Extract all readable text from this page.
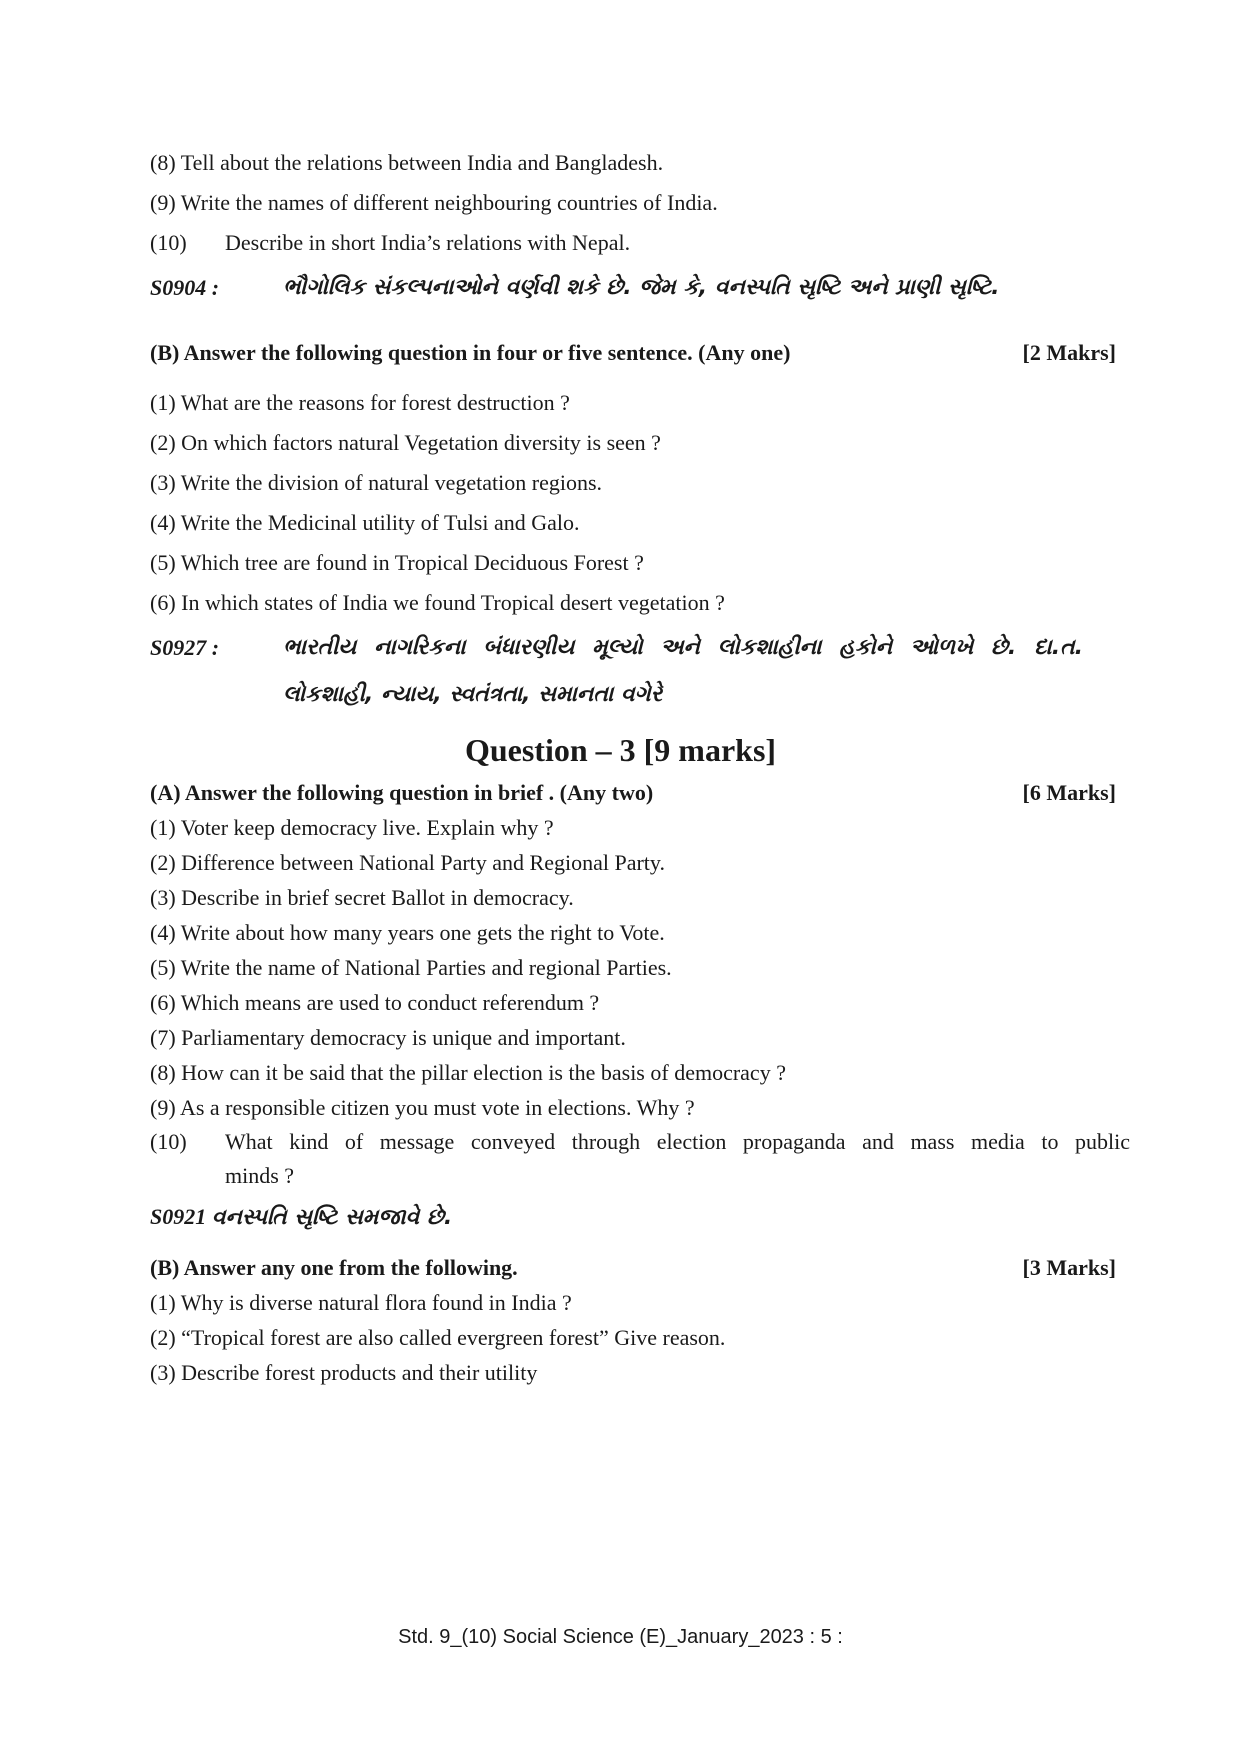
(8) Tell about the relations between India and Bangladesh.
(9) Write the names of different neighbouring countries of India.
(10) Describe in short India’s relations with Nepal.
S0904 :	ભૌગોલિક સંકલ્પનાઓને વર્ણવી શકે છે. જેમ કે, વનસ્પતિ સૃષ્ટિ અને પ્રાણી સૃષ્ટિ.
(B) Answer the following question in four or five sentence. (Any one)	[2 Makrs]
(1) What are the reasons for forest destruction ?
(2) On which factors natural Vegetation diversity is seen ?
(3) Write the division of natural vegetation regions.
(4) Write the Medicinal utility of Tulsi and Galo.
(5) Which tree are found in Tropical Deciduous Forest ?
(6) In which states of India we found Tropical desert vegetation ?
S0927 :	ભારતીય નાગરિકના બંધારણીય મૂલ્યો અને લોકશાહીના હકોને ઓળખે છે. દા.ત.
લોકશાહી, ન્યાય, સ્વતંત્રતા, સમાનતા વગેરે
Question – 3 [9 marks]
(A) Answer the following question in brief . (Any two)	[6 Marks]
(1) Voter keep democracy live. Explain why ?
(2) Difference between National Party and Regional Party.
(3) Describe in brief secret Ballot in democracy.
(4) Write about how many years one gets the right to Vote.
(5) Write the name of National Parties and regional Parties.
(6) Which means are used to conduct referendum ?
(7) Parliamentary democracy is unique and important.
(8) How can it be said that the pillar election is the basis of democracy ?
(9) As a responsible citizen you must vote in elections. Why ?
(10) What kind of message conveyed through election propaganda and mass media to public
minds ?
S0921 વનસ્પતિ સૃષ્ટિ સમજાવે છે.
(B) Answer any one from the following.	[3 Marks]
(1) Why is diverse natural flora found in India ?
(2) “Tropical forest are also called evergreen forest” Give reason.
(3) Describe forest products and their utility
Std. 9_(10) Social Science (E)_January_2023 : 5 :
